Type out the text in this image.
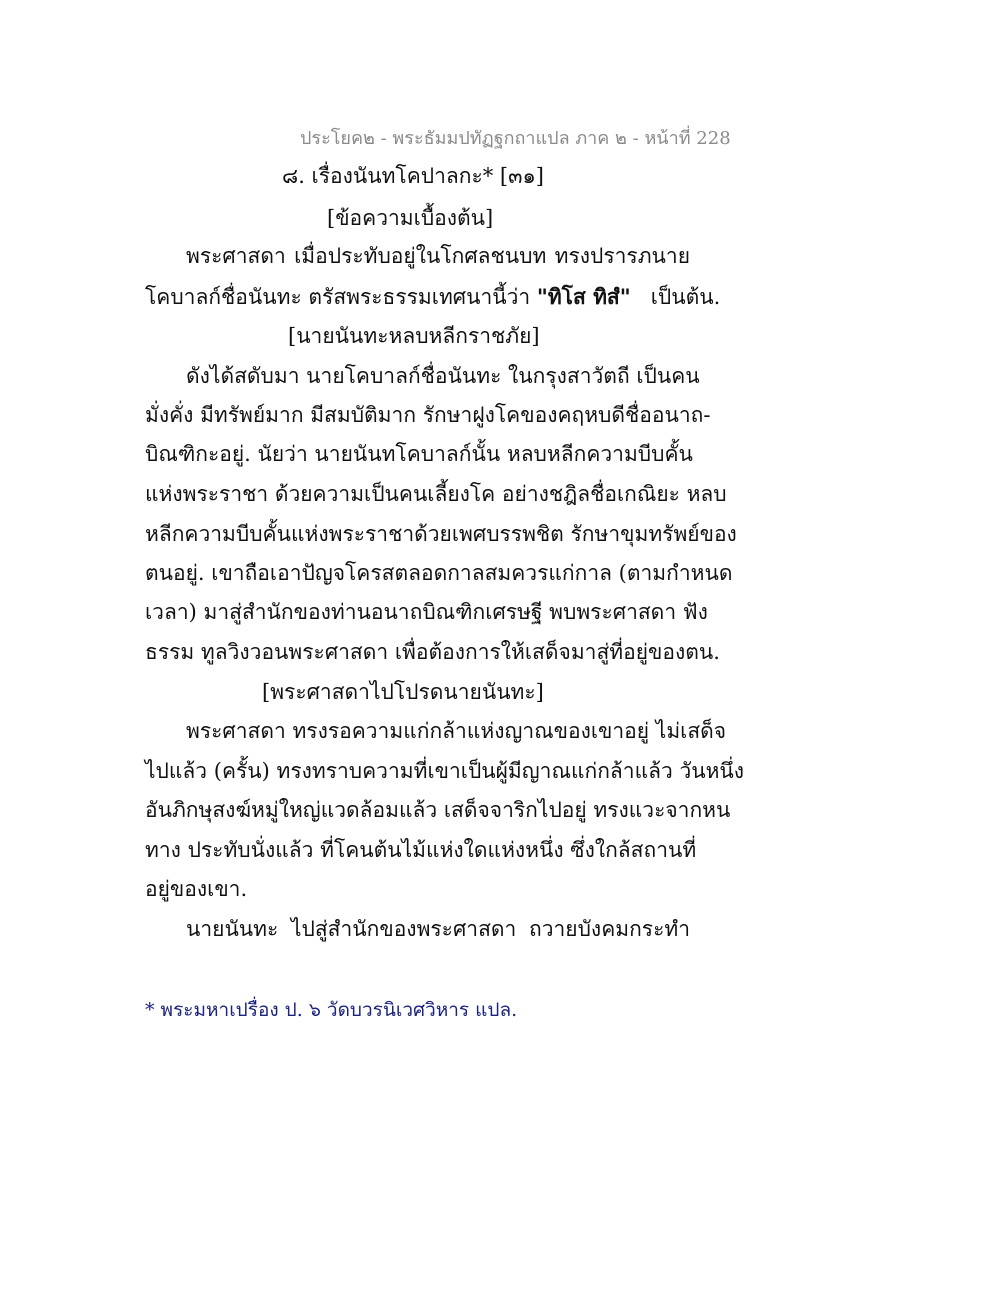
ประโยค๒ - พระธัมมปทัฏฐกถาแปล ภาค ๒ - หน้าที่ 228
๘. เรื่องนันทโคปาลกะ* [๓๑]
[ข้อความเบื้องต้น]
พระศาสดา เมื่อประทับอยู่ในโกศลชนบท ทรงปรารภนาย
โคบาลก์ชื่อนันทะ ตรัสพระธรรมเทศนานี้ว่า "ทิโส ทิสํ" เป็นต้น.
[นายนันทะหลบหลีกราชภัย]
ดังได้สดับมา นายโคบาลก์ชื่อนันทะ ในกรุงสาวัตถี เป็นคน
มั่งคั่ง มีทรัพย์มาก มีสมบัติมาก รักษาฝูงโคของคฤหบดีชื่ออนาถ-
บิณฑิกะอยู่. นัยว่า นายนันทโคบาลก์นั้น หลบหลีกความบีบคั้น
แห่งพระราชา ด้วยความเป็นคนเลี้ยงโค อย่างชฎิลชื่อเกณิยะ หลบ
หลีกความบีบคั้นแห่งพระราชาด้วยเพศบรรพชิต รักษาขุมทรัพย์ของ
ตนอยู่. เขาถือเอาปัญจโครสตลอดกาลสมควรแก่กาล (ตามกำหนด
เวลา) มาสู่สำนักของท่านอนาถบิณฑิกเศรษฐี พบพระศาสดา ฟัง
ธรรม ทูลวิงวอนพระศาสดา เพื่อต้องการให้เสด็จมาสู่ที่อยู่ของตน.
[พระศาสดาไปโปรดนายนันทะ]
พระศาสดา ทรงรอความแก่กล้าแห่งญาณของเขาอยู่ ไม่เสด็จ
ไปแล้ว (ครั้น) ทรงทราบความที่เขาเป็นผู้มีญาณแก่กล้าแล้ว วันหนึ่ง
อันภิกษุสงฆ์หมู่ใหญ่แวดล้อมแล้ว เสด็จจาริกไปอยู่ ทรงแวะจากหน
ทาง ประทับนั่งแล้ว ที่โคนต้นไม้แห่งใดแห่งหนึ่ง ซึ่งใกล้สถานที่
อยู่ของเขา.
นายนันทะ ไปสู่สำนักของพระศาสดา ถวายบังคมกระทำ
* พระมหาเปรื่อง ป. ๖ วัดบวรนิเวศวิหาร แปล.
